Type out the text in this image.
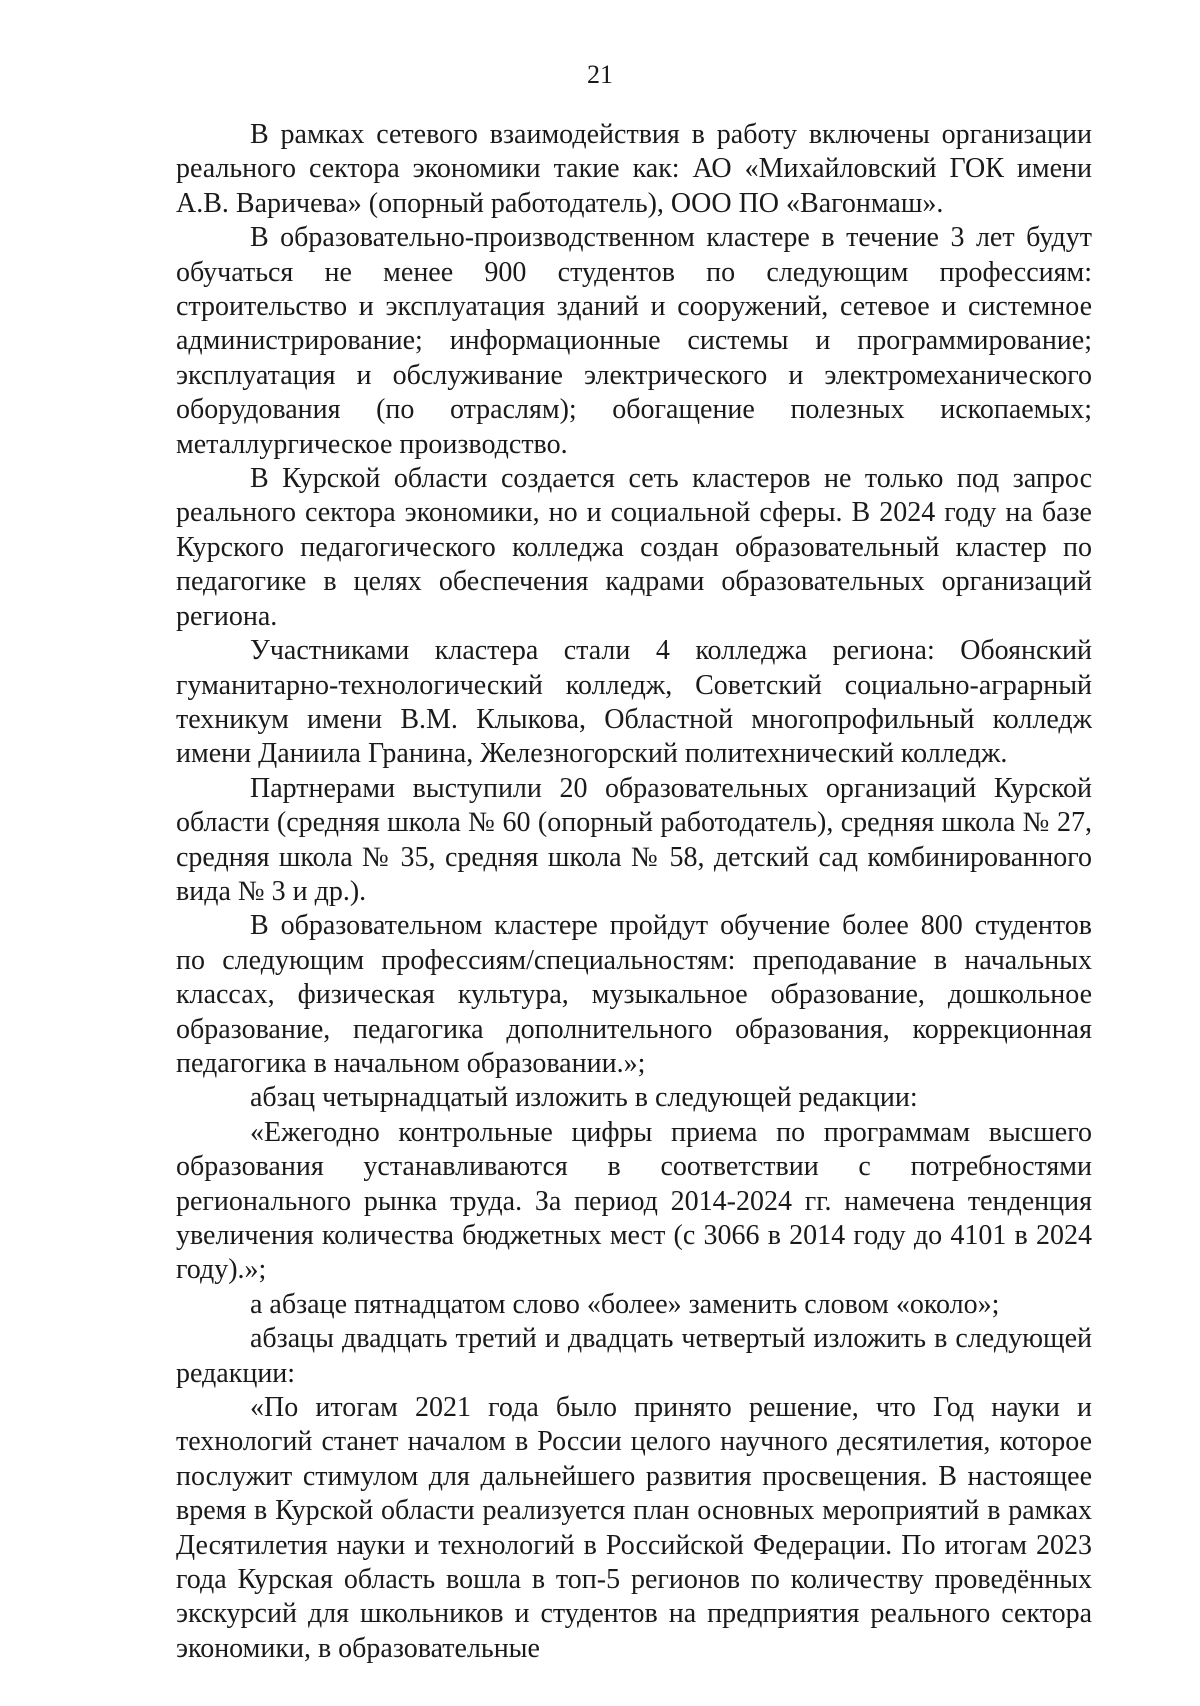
21

В рамках сетевого взаимодействия в работу включены организации реального сектора экономики такие как: АО «Михайловский ГОК имени А.В. Варичева» (опорный работодатель), ООО ПО «Вагонмаш».

В образовательно-производственном кластере в течение 3 лет будут обучаться не менее 900 студентов по следующим профессиям: строительство и эксплуатация зданий и сооружений, сетевое и системное администрирование; информационные системы и программирование; эксплуатация и обслуживание электрического и электромеханического оборудования (по отраслям); обогащение полезных ископаемых; металлургическое производство.

В Курской области создается сеть кластеров не только под запрос реального сектора экономики, но и социальной сферы. В 2024 году на базе Курского педагогического колледжа создан образовательный кластер по педагогике в целях обеспечения кадрами образовательных организаций региона.

Участниками кластера стали 4 колледжа региона: Обоянский гуманитарно-технологический колледж, Советский социально-аграрный техникум имени В.М. Клыкова, Областной многопрофильный колледж имени Даниила Гранина, Железногорский политехнический колледж.

Партнерами выступили 20 образовательных организаций Курской области (средняя школа № 60 (опорный работодатель), средняя школа № 27, средняя школа № 35, средняя школа № 58, детский сад комбинированного вида № 3 и др.).

В образовательном кластере пройдут обучение более 800 студентов по следующим профессиям/специальностям: преподавание в начальных классах, физическая культура, музыкальное образование, дошкольное образование, педагогика дополнительного образования, коррекционная педагогика в начальном образовании.»;

абзац четырнадцатый изложить в следующей редакции:

«Ежегодно контрольные цифры приема по программам высшего образования устанавливаются в соответствии с потребностями регионального рынка труда. За период 2014-2024 гг. намечена тенденция увеличения количества бюджетных мест (с 3066 в 2014 году до 4101 в 2024 году).»;

а абзаце пятнадцатом слово «более» заменить словом «около»;

абзацы двадцать третий и двадцать четвертый изложить в следующей редакции:

«По итогам 2021 года было принято решение, что Год науки и технологий станет началом в России целого научного десятилетия, которое послужит стимулом для дальнейшего развития просвещения. В настоящее время в Курской области реализуется план основных мероприятий в рамках Десятилетия науки и технологий в Российской Федерации. По итогам 2023 года Курская область вошла в топ-5 регионов по количеству проведённых экскурсий для школьников и студентов на предприятия реального сектора экономики, в образовательные
